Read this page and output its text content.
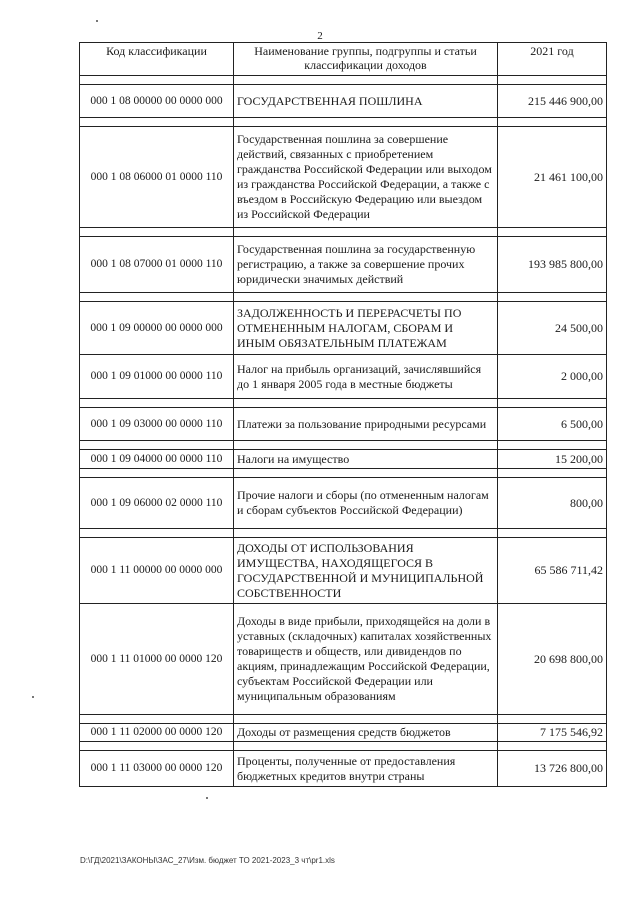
2
Код классификации	Наименование группы, подгруппы и статьи классификации доходов	2021 год

000 1 08 00000 00 0000 000	ГОСУДАРСТВЕННАЯ ПОШЛИНА	215 446 900,00

000 1 08 06000 01 0000 110	Государственная пошлина за совершение действий, связанных с приобретением гражданства Российской Федерации или выходом из гражданства Российской Федерации, а также с въездом в Российскую Федерацию или выездом из Российской Федерации	21 461 100,00

000 1 08 07000 01 0000 110	Государственная пошлина за государственную регистрацию, а также за совершение прочих юридически значимых действий	193 985 800,00

000 1 09 00000 00 0000 000	ЗАДОЛЖЕННОСТЬ И ПЕРЕРАСЧЕТЫ ПО ОТМЕНЕННЫМ НАЛОГАМ, СБОРАМ И ИНЫМ ОБЯЗАТЕЛЬНЫМ ПЛАТЕЖАМ	24 500,00
000 1 09 01000 00 0000 110	Налог на прибыль организаций, зачислявшийся до 1 января 2005 года в местные бюджеты	2 000,00

000 1 09 03000 00 0000 110	Платежи за пользование природными ресурсами	6 500,00

000 1 09 04000 00 0000 110	Налоги на имущество	15 200,00

000 1 09 06000 02 0000 110	Прочие налоги и сборы (по отмененным налогам и сборам субъектов Российской Федерации)	800,00

000 1 11 00000 00 0000 000	ДОХОДЫ ОТ ИСПОЛЬЗОВАНИЯ ИМУЩЕСТВА, НАХОДЯЩЕГОСЯ В ГОСУДАРСТВЕННОЙ И МУНИЦИПАЛЬНОЙ СОБСТВЕННОСТИ	65 586 711,42
000 1 11 01000 00 0000 120	Доходы в виде прибыли, приходящейся на доли в уставных (складочных) капиталах хозяйственных товариществ и обществ, или дивидендов по акциям, принадлежащим Российской Федерации, субъектам Российской Федерации или муниципальным образованиям	20 698 800,00

000 1 11 02000 00 0000 120	Доходы от размещения средств бюджетов	7 175 546,92

000 1 11 03000 00 0000 120	Проценты, полученные от предоставления бюджетных кредитов внутри страны	13 726 800,00
D:\ГД\2021\ЗАКОНЫ\ЗАС_27\Изм. бюджет ТО 2021-2023_3 чт\pr1.xls
